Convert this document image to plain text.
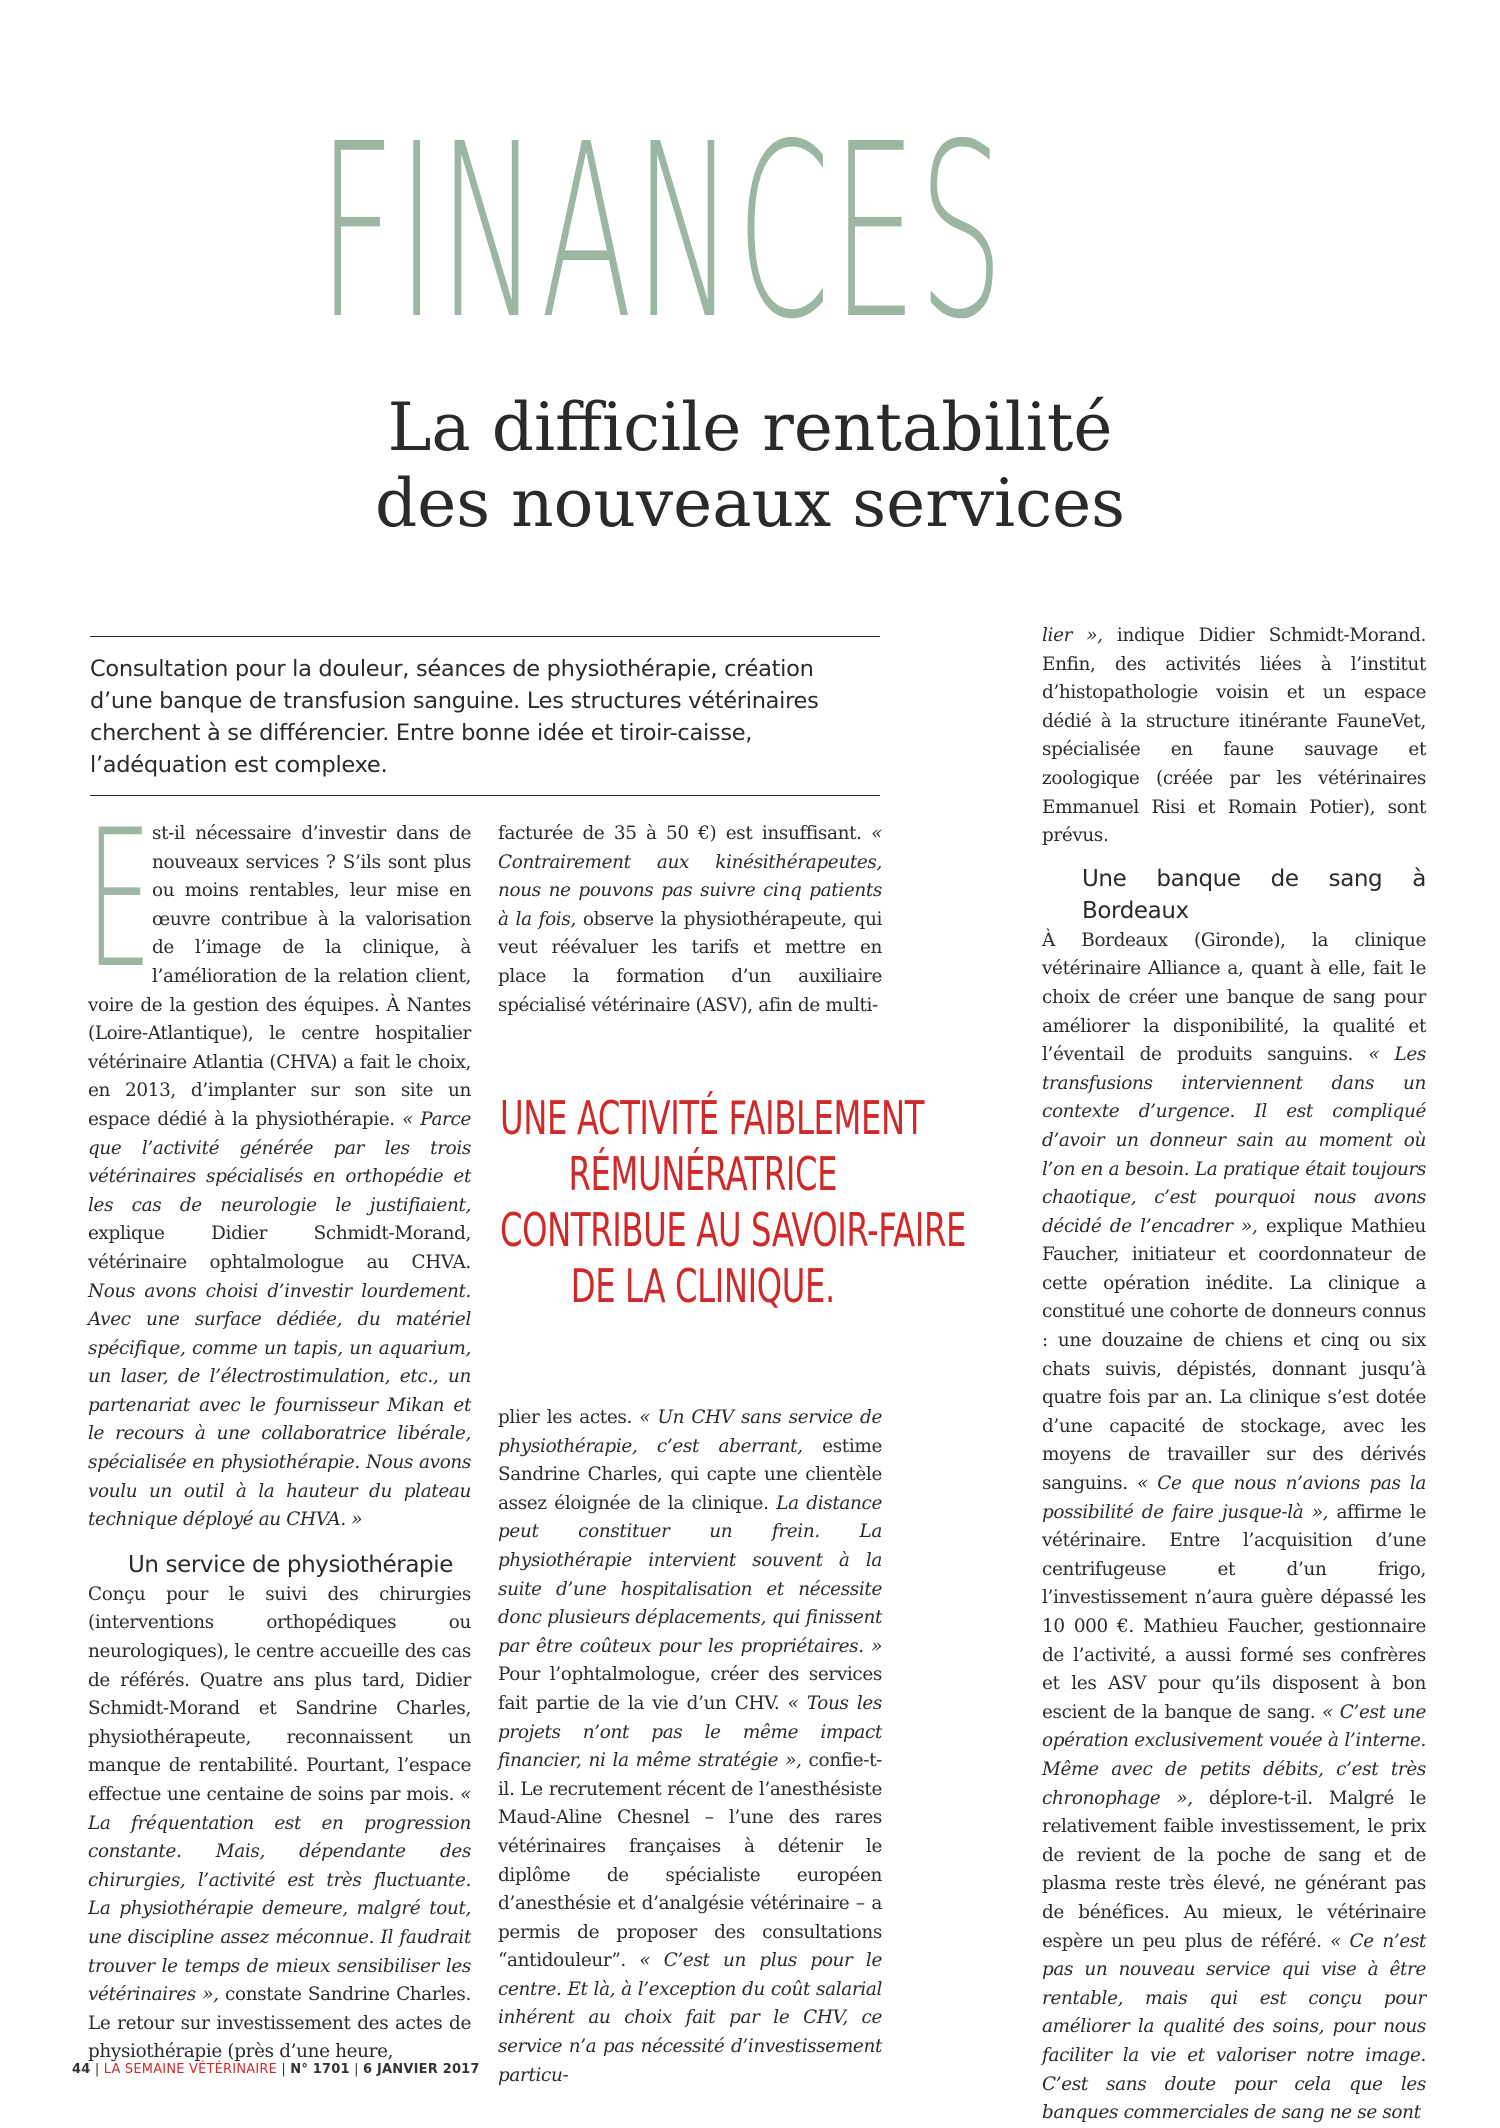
FINANCES
La difficile rentabilité
des nouveaux services
Consultation pour la douleur, séances de physiothérapie, création d’une banque de transfusion sanguine. Les structures vétérinaires cherchent à se différencier. Entre bonne idée et tiroir-caisse, l’adéquation est complexe.
E st-il nécessaire d’investir dans de nouveaux services ? S’ils sont plus ou moins rentables, leur mise en œuvre contribue à la valorisation de l’image de la clinique, à l’amélioration de la relation client, voire de la gestion des équipes. À Nantes (Loire-Atlantique), le centre hospitalier vétérinaire Atlantia (CHVA) a fait le choix, en 2013, d’implanter sur son site un espace dédié à la physiothérapie. « Parce que l’activité générée par les trois vétérinaires spécialisés en orthopédie et les cas de neurologie le justifiaient, explique Didier Schmidt-Morand, vétérinaire ophtalmologue au CHVA. Nous avons choisi d’investir lourdement. Avec une surface dédiée, du matériel spécifique, comme un tapis, un aquarium, un laser, de l’électrostimulation, etc., un partenariat avec le fournisseur Mikan et le recours à une collaboratrice libérale, spécialisée en physiothérapie. Nous avons voulu un outil à la hauteur du plateau technique déployé au CHVA. »

Un service de physiothérapie

Conçu pour le suivi des chirurgies (interventions orthopédiques ou neurologiques), le centre accueille des cas de référés. Quatre ans plus tard, Didier Schmidt-Morand et Sandrine Charles, physiothérapeute, reconnaissent un manque de rentabilité. Pourtant, l’espace effectue une centaine de soins par mois. « La fréquentation est en progression constante. Mais, dépendante des chirurgies, l’activité est très fluctuante. La physiothérapie demeure, malgré tout, une discipline assez méconnue. Il faudrait trouver le temps de mieux sensibiliser les vétérinaires », constate Sandrine Charles. Le retour sur investissement des actes de physiothérapie (près d’une heure,

facturée de 35 à 50 €) est insuffisant. « Contrairement aux kinésithérapeutes, nous ne pouvons pas suivre cinq patients à la fois, observe la physiothérapeute, qui veut réévaluer les tarifs et mettre en place la formation d’un auxiliaire spécialisé vétérinaire (ASV), afin de multi-

UNE ACTIVITÉ FAIBLEMENT
RÉMUNÉRATRICE
CONTRIBUE AU SAVOIR-FAIRE
DE LA CLINIQUE.

plier les actes. « Un CHV sans service de physiothérapie, c’est aberrant, estime Sandrine Charles, qui capte une clientèle assez éloignée de la clinique. La distance peut constituer un frein. La physiothérapie intervient souvent à la suite d’une hospitalisation et nécessite donc plusieurs déplacements, qui finissent par être coûteux pour les propriétaires. » Pour l’ophtalmologue, créer des services fait partie de la vie d’un CHV. « Tous les projets n’ont pas le même impact financier, ni la même stratégie », confie-t-il. Le recrutement récent de l’anesthésiste Maud-Aline Chesnel – l’une des rares vétérinaires françaises à détenir le diplôme de spécialiste européen d’anesthésie et d’analgésie vétérinaire – a permis de proposer des consultations “antidouleur”. « C’est un plus pour le centre. Et là, à l’exception du coût salarial inhérent au choix fait par le CHV, ce service n’a pas nécessité d’investissement particu-

lier », indique Didier Schmidt-Morand. Enfin, des activités liées à l’institut d’histopathologie voisin et un espace dédié à la structure itinérante FauneVet, spécialisée en faune sauvage et zoologique (créée par les vétérinaires Emmanuel Risi et Romain Potier), sont prévus.

Une banque de sang à Bordeaux

À Bordeaux (Gironde), la clinique vétérinaire Alliance a, quant à elle, fait le choix de créer une banque de sang pour améliorer la disponibilité, la qualité et l’éventail de produits sanguins. « Les transfusions interviennent dans un contexte d’urgence. Il est compliqué d’avoir un donneur sain au moment où l’on en a besoin. La pratique était toujours chaotique, c’est pourquoi nous avons décidé de l’encadrer », explique Mathieu Faucher, initiateur et coordonnateur de cette opération inédite. La clinique a constitué une cohorte de donneurs connus : une douzaine de chiens et cinq ou six chats suivis, dépistés, donnant jusqu’à quatre fois par an. La clinique s’est dotée d’une capacité de stockage, avec les moyens de travailler sur des dérivés sanguins. « Ce que nous n’avions pas la possibilité de faire jusque-là », affirme le vétérinaire. Entre l’acquisition d’une centrifugeuse et d’un frigo, l’investissement n’aura guère dépassé les 10 000 €. Mathieu Faucher, gestionnaire de l’activité, a aussi formé ses confrères et les ASV pour qu’ils disposent à bon escient de la banque de sang. « C’est une opération exclusivement vouée à l’interne. Même avec de petits débits, c’est très chronophage », déplore-t-il. Malgré le relativement faible investissement, le prix de revient de la poche de sang et de plasma reste très élevé, ne générant pas de bénéfices. Au mieux, le vétérinaire espère un peu plus de référé. « Ce n’est pas un nouveau service qui vise à être rentable, mais qui est conçu pour améliorer la qualité des soins, pour nous faciliter la vie et valoriser notre image. C’est sans doute pour cela que les banques commerciales de sang ne se sont

44 | LA SEMAINE VÉTÉRINAIRE | N° 1701 | 6 JANVIER 2017
